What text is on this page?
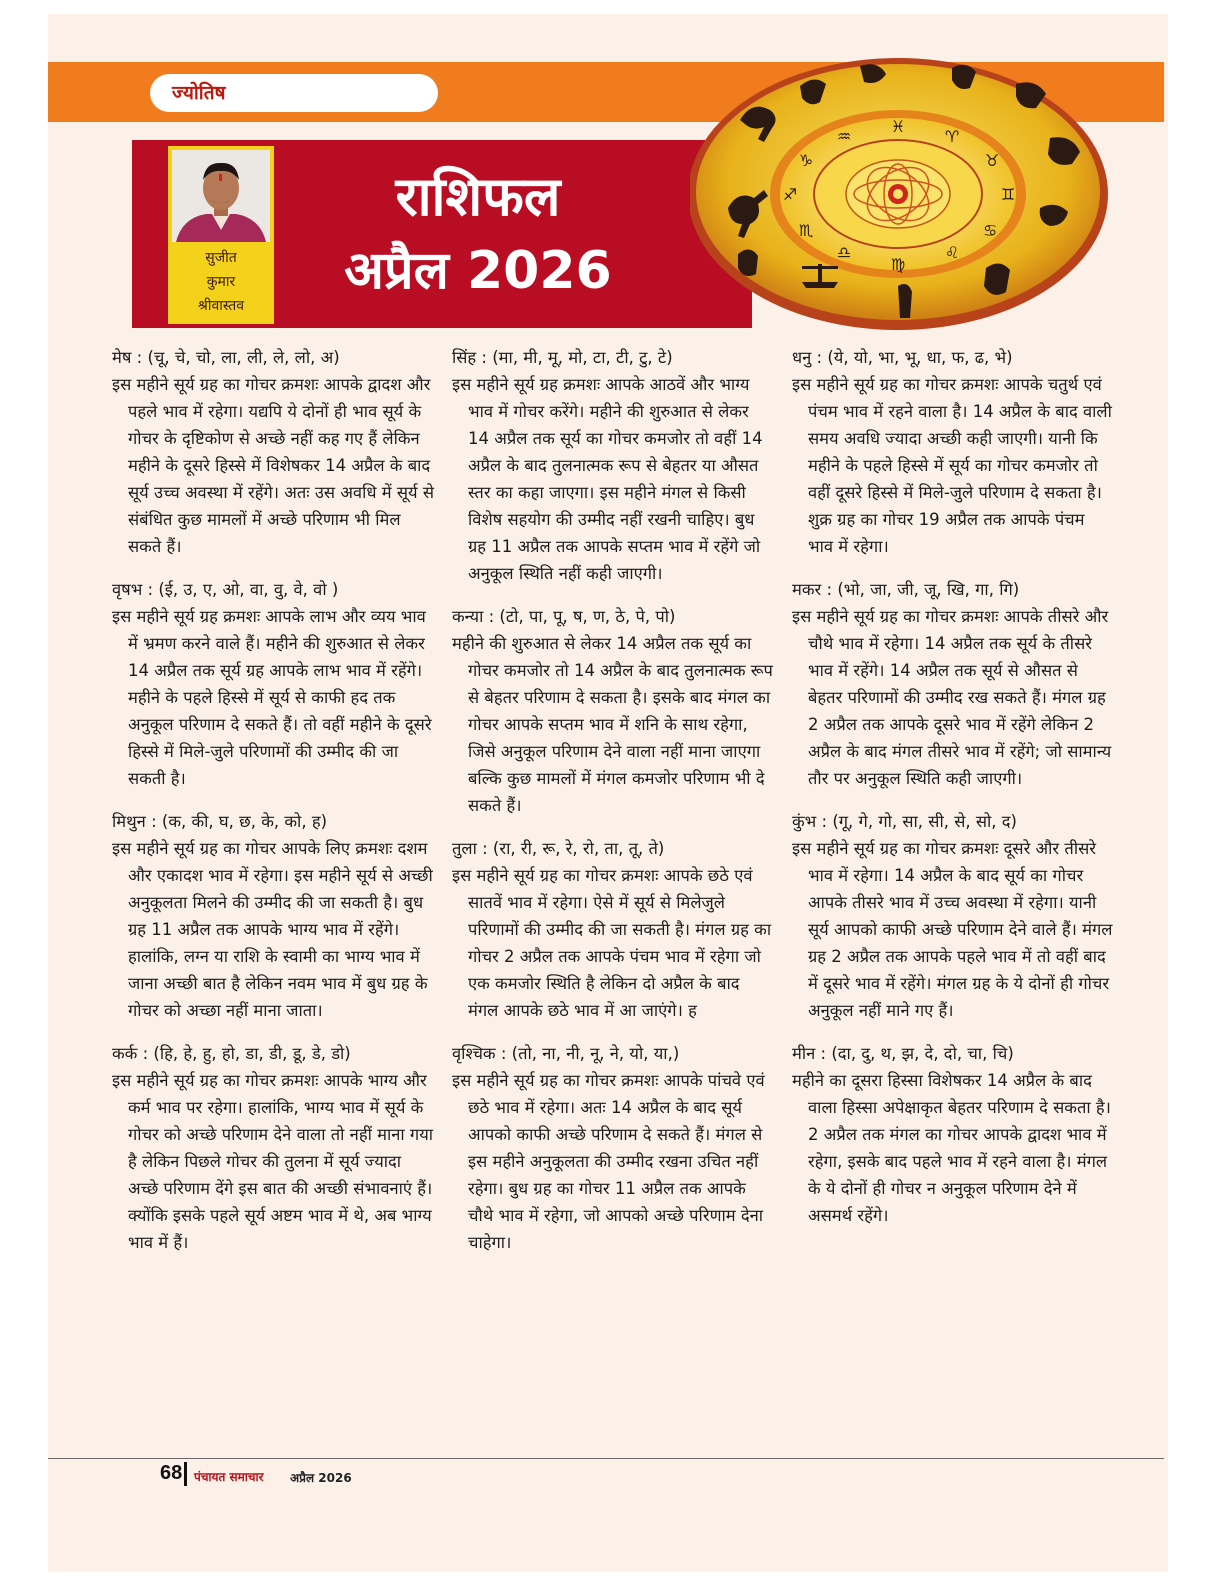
ज्योतिष
सुजीत
कुमार
श्रीवास्तव
राशिफल
अप्रैल 2026
♓
♈
♉
♊
♋
♌
♍
♎
♏
♐
♑
♒
मेष : (चू, चे, चो, ला, ली, ले, लो, अ)
इस महीने सूर्य ग्रह का गोचर क्रमशः आपके द्वादश और पहले भाव में रहेगा। यद्यपि ये दोनों ही भाव सूर्य के गोचर के दृष्टिकोण से अच्छे नहीं कह गए हैं लेकिन महीने के दूसरे हिस्से में विशेषकर 14 अप्रैल के बाद सूर्य उच्च अवस्था में रहेंगे। अतः उस अवधि में सूर्य से संबंधित कुछ मामलों में अच्छे परिणाम भी मिल सकते हैं।
वृषभ : (ई, उ, ए, ओ, वा, वु, वे, वो )
इस महीने सूर्य ग्रह क्रमशः आपके लाभ और व्यय भाव में भ्रमण करने वाले हैं। महीने की शुरुआत से लेकर 14 अप्रैल तक सूर्य ग्रह आपके लाभ भाव में रहेंगे। महीने के पहले हिस्से में सूर्य से काफी हद तक अनुकूल परिणाम दे सकते हैं। तो वहीं महीने के दूसरे हिस्से में मिले-जुले परिणामों की उम्मीद की जा सकती है।
मिथुन : (क, की, घ, छ, के, को, ह)
इस महीने सूर्य ग्रह का गोचर आपके लिए क्रमशः दशम और एकादश भाव में रहेगा। इस महीने सूर्य से अच्छी अनुकूलता मिलने की उम्मीद की जा सकती है। बुध ग्रह 11 अप्रैल तक आपके भाग्य भाव में रहेंगे। हालांकि, लग्न या राशि के स्वामी का भाग्य भाव में जाना अच्छी बात है लेकिन नवम भाव में बुध ग्रह के गोचर को अच्छा नहीं माना जाता।
कर्क : (हि, हे, हु, हो, डा, डी, डू, डे, डो)
इस महीने सूर्य ग्रह का गोचर क्रमशः आपके भाग्य और कर्म भाव पर रहेगा। हालांकि, भाग्य भाव में सूर्य के गोचर को अच्छे परिणाम देने वाला तो नहीं माना गया है लेकिन पिछले गोचर की तुलना में सूर्य ज्यादा अच्छे परिणाम देंगे इस बात की अच्छी संभावनाएं हैं। क्योंकि इसके पहले सूर्य अष्टम भाव में थे, अब भाग्य भाव में हैं।
सिंह : (मा, मी, मू, मो, टा, टी, टु, टे)
इस महीने सूर्य ग्रह क्रमशः आपके आठवें और भाग्य भाव में गोचर करेंगे। महीने की शुरुआत से लेकर 14 अप्रैल तक सूर्य का गोचर कमजोर तो वहीं 14 अप्रैल के बाद तुलनात्मक रूप से बेहतर या औसत स्तर का कहा जाएगा। इस महीने मंगल से किसी विशेष सहयोग की उम्मीद नहीं रखनी चाहिए। बुध ग्रह 11 अप्रैल तक आपके सप्तम भाव में रहेंगे जो अनुकूल स्थिति नहीं कही जाएगी।
कन्या : (टो, पा, पू, ष, ण, ठे, पे, पो)
महीने की शुरुआत से लेकर 14 अप्रैल तक सूर्य का गोचर कमजोर तो 14 अप्रैल के बाद तुलनात्मक रूप से बेहतर परिणाम दे सकता है। इसके बाद मंगल का गोचर आपके सप्तम भाव में शनि के साथ रहेगा, जिसे अनुकूल परिणाम देने वाला नहीं माना जाएगा बल्कि कुछ मामलों में मंगल कमजोर परिणाम भी दे सकते हैं।
तुला : (रा, री, रू, रे, रो, ता, तू, ते)
इस महीने सूर्य ग्रह का गोचर क्रमशः आपके छठे एवं सातवें भाव में रहेगा। ऐसे में सूर्य से मिलेजुले परिणामों की उम्मीद की जा सकती है। मंगल ग्रह का गोचर 2 अप्रैल तक आपके पंचम भाव में रहेगा जो एक कमजोर स्थिति है लेकिन दो अप्रैल के बाद मंगल आपके छठे भाव में आ जाएंगे। ह
वृश्चिक : (तो, ना, नी, नू, ने, यो, या,)
इस महीने सूर्य ग्रह का गोचर क्रमशः आपके पांचवे एवं छठे भाव में रहेगा। अतः 14 अप्रैल के बाद सूर्य आपको काफी अच्छे परिणाम दे सकते हैं। मंगल से इस महीने अनुकूलता की उम्मीद रखना उचित नहीं रहेगा। बुध ग्रह का गोचर 11 अप्रैल तक आपके चौथे भाव में रहेगा, जो आपको अच्छे परिणाम देना चाहेगा।
धनु : (ये, यो, भा, भू, धा, फ, ढ, भे)
इस महीने सूर्य ग्रह का गोचर क्रमशः आपके चतुर्थ एवं पंचम भाव में रहने वाला है। 14 अप्रैल के बाद वाली समय अवधि ज्यादा अच्छी कही जाएगी। यानी कि महीने के पहले हिस्से में सूर्य का गोचर कमजोर तो वहीं दूसरे हिस्से में मिले-जुले परिणाम दे सकता है। शुक्र ग्रह का गोचर 19 अप्रैल तक आपके पंचम भाव में रहेगा।
मकर : (भो, जा, जी, जू, खि, गा, गि)
इस महीने सूर्य ग्रह का गोचर क्रमशः आपके तीसरे और चौथे भाव में रहेगा। 14 अप्रैल तक सूर्य के तीसरे भाव में रहेंगे। 14 अप्रैल तक सूर्य से औसत से बेहतर परिणामों की उम्मीद रख सकते हैं। मंगल ग्रह 2 अप्रैल तक आपके दूसरे भाव में रहेंगे लेकिन 2 अप्रैल के बाद मंगल तीसरे भाव में रहेंगे; जो सामान्य तौर पर अनुकूल स्थिति कही जाएगी।
कुंभ : (गू, गे, गो, सा, सी, से, सो, द)
इस महीने सूर्य ग्रह का गोचर क्रमशः दूसरे और तीसरे भाव में रहेगा। 14 अप्रैल के बाद सूर्य का गोचर आपके तीसरे भाव में उच्च अवस्था में रहेगा। यानी सूर्य आपको काफी अच्छे परिणाम देने वाले हैं। मंगल ग्रह 2 अप्रैल तक आपके पहले भाव में तो वहीं बाद में दूसरे भाव में रहेंगे। मंगल ग्रह के ये दोनों ही गोचर अनुकूल नहीं माने गए हैं।
मीन : (दा, दु, थ, झ, दे, दो, चा, चि)
महीने का दूसरा हिस्सा विशेषकर 14 अप्रैल के बाद वाला हिस्सा अपेक्षाकृत बेहतर परिणाम दे सकता है। 2 अप्रैल तक मंगल का गोचर आपके द्वादश भाव में रहेगा, इसके बाद पहले भाव में रहने वाला है। मंगल के ये दोनों ही गोचर न अनुकूल परिणाम देने में असमर्थ रहेंगे।
68 पंचायत समाचार अप्रैल 2026
